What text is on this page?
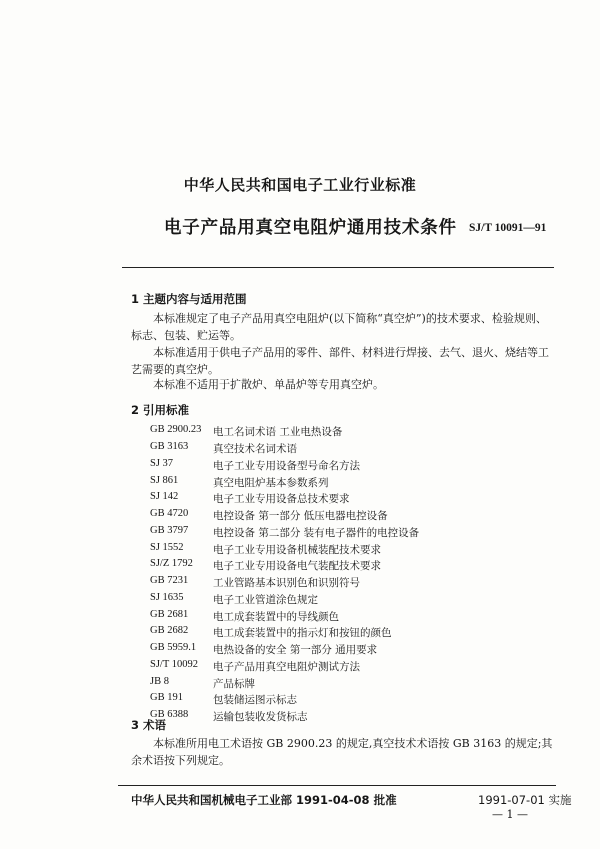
中华人民共和国电子工业行业标准
电子产品用真空电阻炉通用技术条件 SJ/T 10091—91
1 主题内容与适用范围
本标准规定了电子产品用真空电阻炉(以下简称“真空炉”)的技术要求、检验规则、标志、包装、贮运等。
本标准适用于供电子产品用的零件、部件、材料进行焊接、去气、退火、烧结等工艺需要的真空炉。
本标准不适用于扩散炉、单晶炉等专用真空炉。
2 引用标准
GB 2900.23 电工名词术语 工业电热设备
GB 3163 真空技术名词术语
SJ 37	电子工业专用设备型号命名方法
SJ 861	真空电阻炉基本参数系列
SJ 142	电子工业专用设备总技术要求
GB 4720 电控设备 第一部分 低压电器电控设备
GB 3797 电控设备 第二部分 装有电子器件的电控设备
SJ 1552	电子工业专用设备机械装配技术要求
SJ/Z 1792 电子工业专用设备电气装配技术要求
GB 7231 工业管路基本识别色和识别符号
SJ 1635	电子工业管道涂色规定
GB 2681 电工成套装置中的导线颜色
GB 2682 电工成套装置中的指示灯和按钮的颜色
GB 5959.1 电热设备的安全 第一部分 通用要求
SJ/T 10092 电子产品用真空电阻炉测试方法
JB 8	产品标牌
GB 191	包装储运图示标志
GB 6388 运输包装收发货标志
3 术语
本标准所用电工术语按 GB 2900.23 的规定,真空技术术语按 GB 3163 的规定;其余术语按下列规定。
中华人民共和国机械电子工业部 1991-04-08 批准	1991-07-01 实施
— 1 —
